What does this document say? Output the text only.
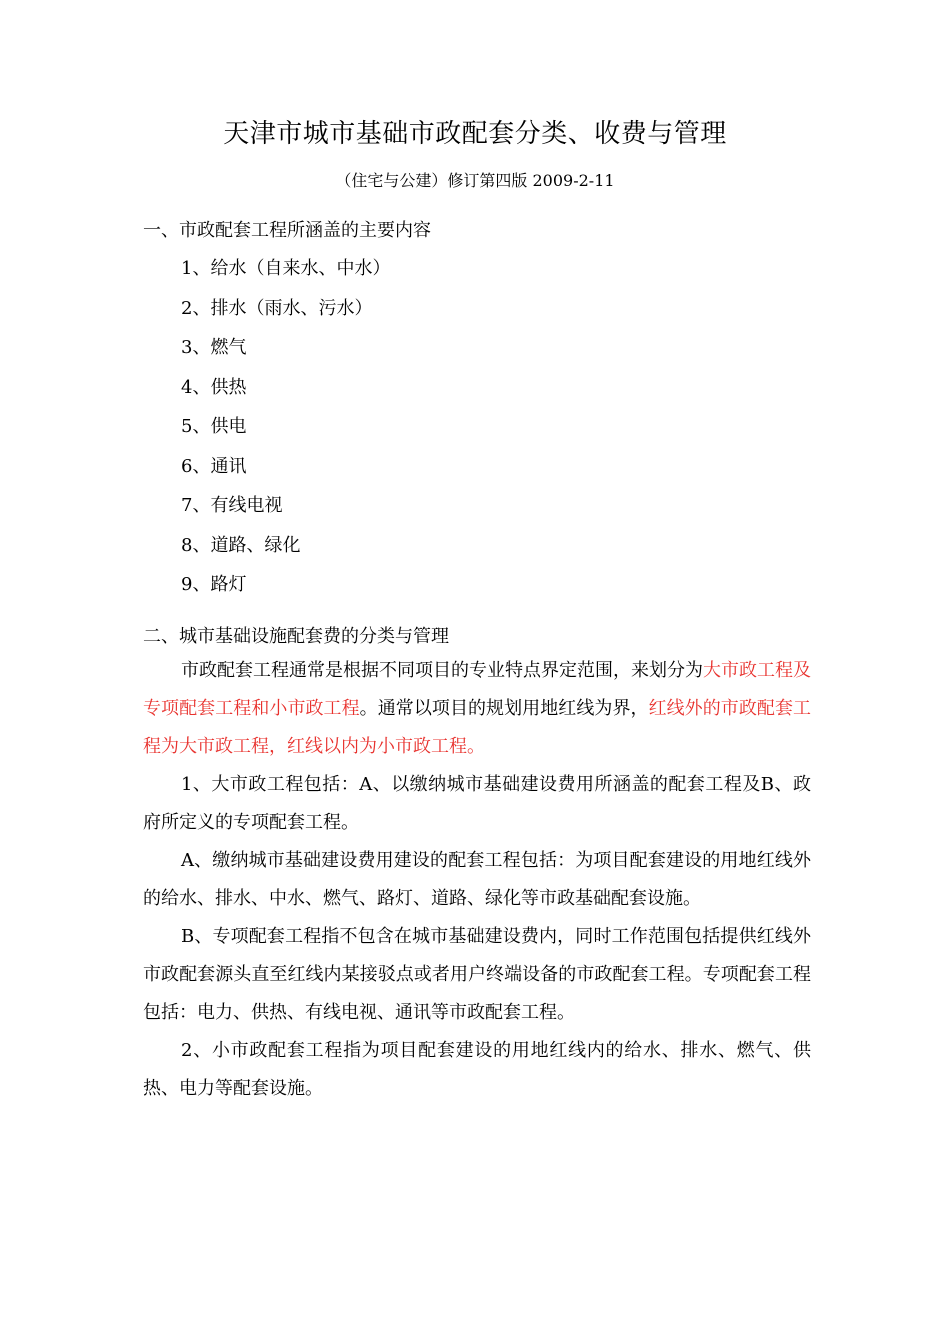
天津市城市基础市政配套分类、收费与管理
（住宅与公建）修订第四版 2009-2-11
一、市政配套工程所涵盖的主要内容
1、给水（自来水、中水）
2、排水（雨水、污水）
3、燃气
4、供热
5、供电
6、通讯
7、有线电视
8、道路、绿化
9、路灯
二、城市基础设施配套费的分类与管理

市政配套工程通常是根据不同项目的专业特点界定范围，来划分为大市政工程及专项配套工程和小市政工程。通常以项目的规划用地红线为界，红线外的市政配套工程为大市政工程，红线以内为小市政工程。

1、大市政工程包括：A、以缴纳城市基础建设费用所涵盖的配套工程及B、政府所定义的专项配套工程。

A、缴纳城市基础建设费用建设的配套工程包括：为项目配套建设的用地红线外的给水、排水、中水、燃气、路灯、道路、绿化等市政基础配套设施。

B、专项配套工程指不包含在城市基础建设费内，同时工作范围包括提供红线外市政配套源头直至红线内某接驳点或者用户终端设备的市政配套工程。专项配套工程包括：电力、供热、有线电视、通讯等市政配套工程。

2、小市政配套工程指为项目配套建设的用地红线内的给水、排水、燃气、供热、电力等配套设施。
